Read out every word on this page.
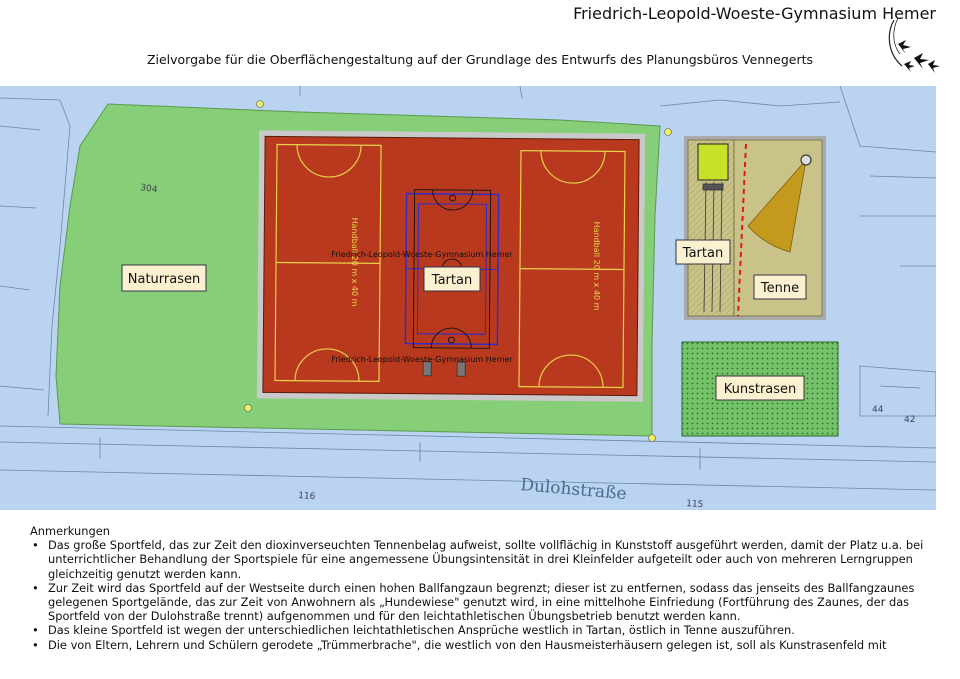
Friedrich-Leopold-Woeste-Gymnasium Hemer
Zielvorgabe für die Oberflächengestaltung auf der Grundlage des Entwurfs des Planungsbüros Vennegerts
Friedrich-Leopold-Woeste-Gymnasium Hemer
Friedrich-Leopold-Woeste-Gymnasium Hemer
Handball 20 m x 40 m	Handball 20 m x 40 m
Naturrasen	Tartan
Tartan
Tenne
Kunstrasen
304
116
115
44
42
Dulohstraße
Anmerkungen
• Das große Sportfeld, das zur Zeit den dioxinverseuchten Tennenbelag aufweist, sollte vollflächig in Kunststoff ausgeführt werden, damit der Platz u.a. bei unterrichtlicher Behandlung der Sportspiele für eine angemessene Übungsintensität in drei Kleinfelder aufgeteilt oder auch von mehreren Lerngruppen gleichzeitig genutzt werden kann.
• Zur Zeit wird das Sportfeld auf der Westseite durch einen hohen Ballfangzaun begrenzt; dieser ist zu entfernen, sodass das jenseits des Ballfangzaunes gelegenen Sportgelände, das zur Zeit von Anwohnern als „Hundewiese" genutzt wird, in eine mittelhohe Einfriedung (Fortführung des Zaunes, der das Sportfeld von der Dulohstraße trennt) aufgenommen und für den leichtathletischen Übungsbetrieb benutzt werden kann.
• Das kleine Sportfeld ist wegen der unterschiedlichen leichtathletischen Ansprüche westlich in Tartan, östlich in Tenne auszuführen.
• Die von Eltern, Lehrern und Schülern gerodete „Trümmerbrache", die westlich von den Hausmeisterhäusern gelegen ist, soll als Kunstrasenfeld mit
